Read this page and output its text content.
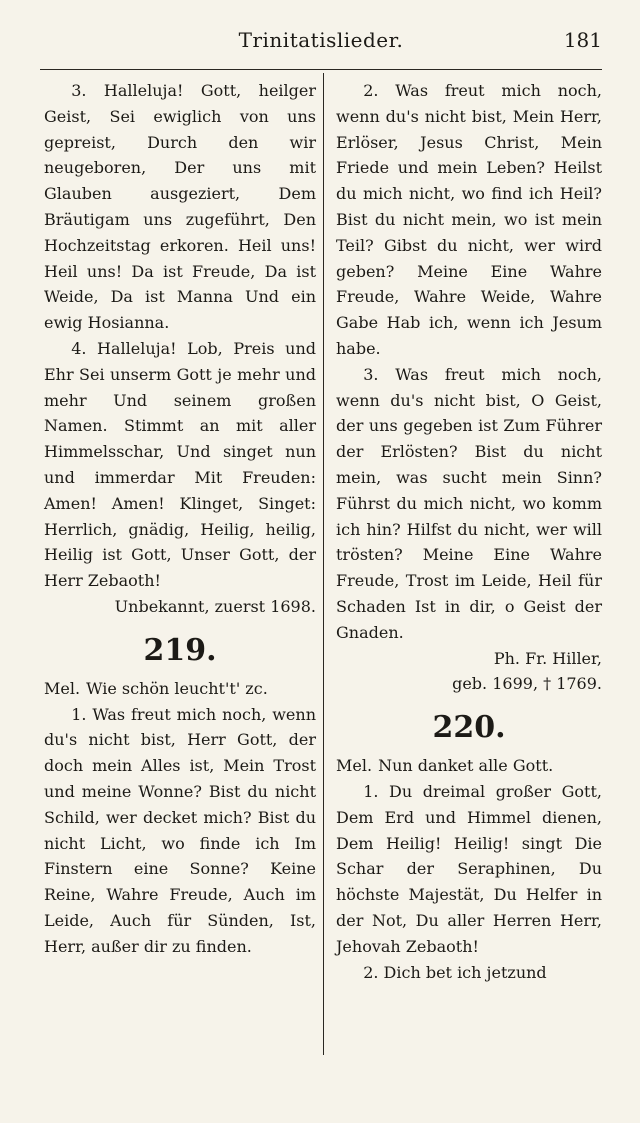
Trinitatislieder.	181

3. Halleluja! Gott, heilger Geist, Sei ewiglich von uns gepreist, Durch den wir neugeboren, Der uns mit Glauben ausgeziert, Dem Bräutigam uns zugeführt, Den Hochzeitstag erkoren. Heil uns! Heil uns! Da ist Freude, Da ist Weide, Da ist Manna Und ein ewig Hosianna.

4. Halleluja! Lob, Preis und Ehr Sei unserm Gott je mehr und mehr Und seinem großen Namen. Stimmt an mit aller Himmelsschar, Und singet nun und immerdar Mit Freuden: Amen! Amen! Klinget, Singet: Herrlich, gnädig, Heilig, heilig, Heilig ist Gott, Unser Gott, der Herr Zebaoth!

Unbekannt, zuerst 1698.

219.

Mel. Wie schön leucht't' zc.

1. Was freut mich noch, wenn du's nicht bist, Herr Gott, der doch mein Alles ist, Mein Trost und meine Wonne? Bist du nicht Schild, wer decket mich? Bist du nicht Licht, wo finde ich Im Finstern eine Sonne? Keine Reine, Wahre Freude, Auch im Leide, Auch für Sünden, Ist, Herr, außer dir zu finden.

2. Was freut mich noch, wenn du's nicht bist, Mein Herr, Erlöser, Jesus Christ, Mein Friede und mein Leben? Heilst du mich nicht, wo find ich Heil? Bist du nicht mein, wo ist mein Teil? Gibst du nicht, wer wird geben? Meine Eine Wahre Freude, Wahre Weide, Wahre Gabe Hab ich, wenn ich Jesum habe.

3. Was freut mich noch, wenn du's nicht bist, O Geist, der uns gegeben ist Zum Führer der Erlösten? Bist du nicht mein, was sucht mein Sinn? Führst du mich nicht, wo komm ich hin? Hilfst du nicht, wer will trösten? Meine Eine Wahre Freude, Trost im Leide, Heil für Schaden Ist in dir, o Geist der Gnaden.

Ph. Fr. Hiller,
geb. 1699, † 1769.

220.

Mel. Nun danket alle Gott.

1. Du dreimal großer Gott, Dem Erd und Himmel dienen, Dem Heilig! Heilig! singt Die Schar der Seraphinen, Du höchste Majestät, Du Helfer in der Not, Du aller Herren Herr, Jehovah Zebaoth!

2. Dich bet ich jetzund
